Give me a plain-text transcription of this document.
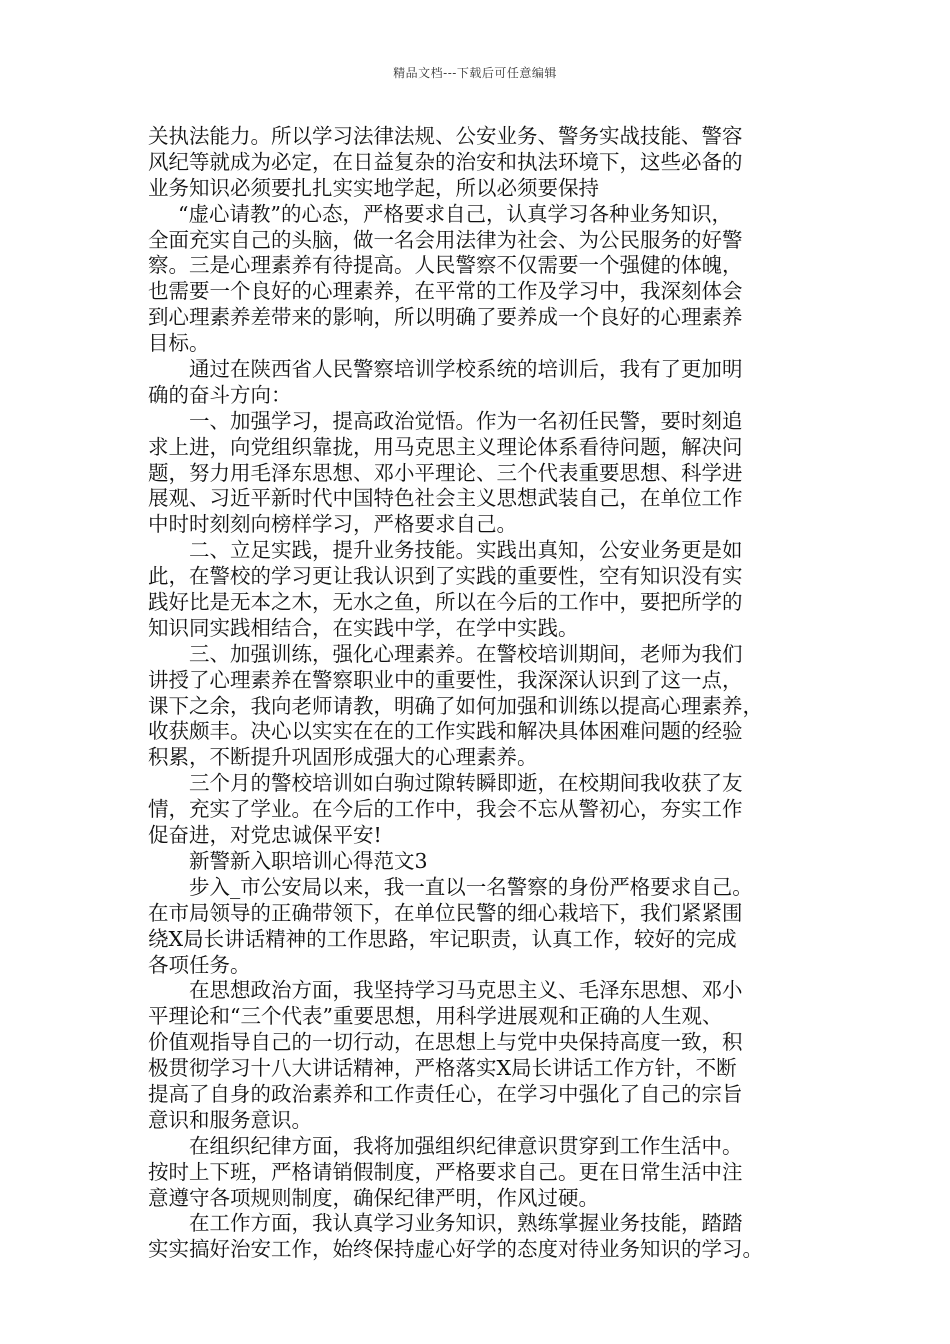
精品文档---下载后可任意编辑
关执法能力。所以学习法律法规、公安业务、警务实战技能、警容
风纪等就成为必定，在日益复杂的治安和执法环境下，这些必备的
业务知识必须要扎扎实实地学起，所以必须要保持
“虚心请教”的心态，严格要求自己，认真学习各种业务知识，
全面充实自己的头脑，做一名会用法律为社会、为公民服务的好警
察。三是心理素养有待提高。人民警察不仅需要一个强健的体魄，
也需要一个良好的心理素养，在平常的工作及学习中，我深刻体会
到心理素养差带来的影响，所以明确了要养成一个良好的心理素养
目标。
通过在陕西省人民警察培训学校系统的培训后，我有了更加明
确的奋斗方向：
一、加强学习，提高政治觉悟。作为一名初任民警，要时刻追
求上进，向党组织靠拢，用马克思主义理论体系看待问题，解决问
题，努力用毛泽东思想、邓小平理论、三个代表重要思想、科学进
展观、习近平新时代中国特色社会主义思想武装自己，在单位工作
中时时刻刻向榜样学习，严格要求自己。
二、立足实践，提升业务技能。实践出真知，公安业务更是如
此，在警校的学习更让我认识到了实践的重要性，空有知识没有实
践好比是无本之木，无水之鱼，所以在今后的工作中，要把所学的
知识同实践相结合，在实践中学，在学中实践。
三、加强训练，强化心理素养。在警校培训期间，老师为我们
讲授了心理素养在警察职业中的重要性，我深深认识到了这一点，
课下之余，我向老师请教，明确了如何加强和训练以提高心理素养，
收获颇丰。决心以实实在在的工作实践和解决具体困难问题的经验
积累，不断提升巩固形成强大的心理素养。
三个月的警校培训如白驹过隙转瞬即逝，在校期间我收获了友
情，充实了学业。在今后的工作中，我会不忘从警初心，夯实工作
促奋进，对党忠诚保平安!
新警新入职培训心得范文3
步入_市公安局以来，我一直以一名警察的身份严格要求自己。
在市局领导的正确带领下，在单位民警的细心栽培下，我们紧紧围
绕X局长讲话精神的工作思路，牢记职责，认真工作，较好的完成
各项任务。
在思想政治方面，我坚持学习马克思主义、毛泽东思想、邓小
平理论和“三个代表”重要思想，用科学进展观和正确的人生观、
价值观指导自己的一切行动，在思想上与党中央保持高度一致，积
极贯彻学习十八大讲话精神，严格落实X局长讲话工作方针，不断
提高了自身的政治素养和工作责任心，在学习中强化了自己的宗旨
意识和服务意识。
在组织纪律方面，我将加强组织纪律意识贯穿到工作生活中。
按时上下班，严格请销假制度，严格要求自己。更在日常生活中注
意遵守各项规则制度，确保纪律严明，作风过硬。
在工作方面，我认真学习业务知识，熟练掌握业务技能，踏踏
实实搞好治安工作，始终保持虚心好学的态度对待业务知识的学习。
